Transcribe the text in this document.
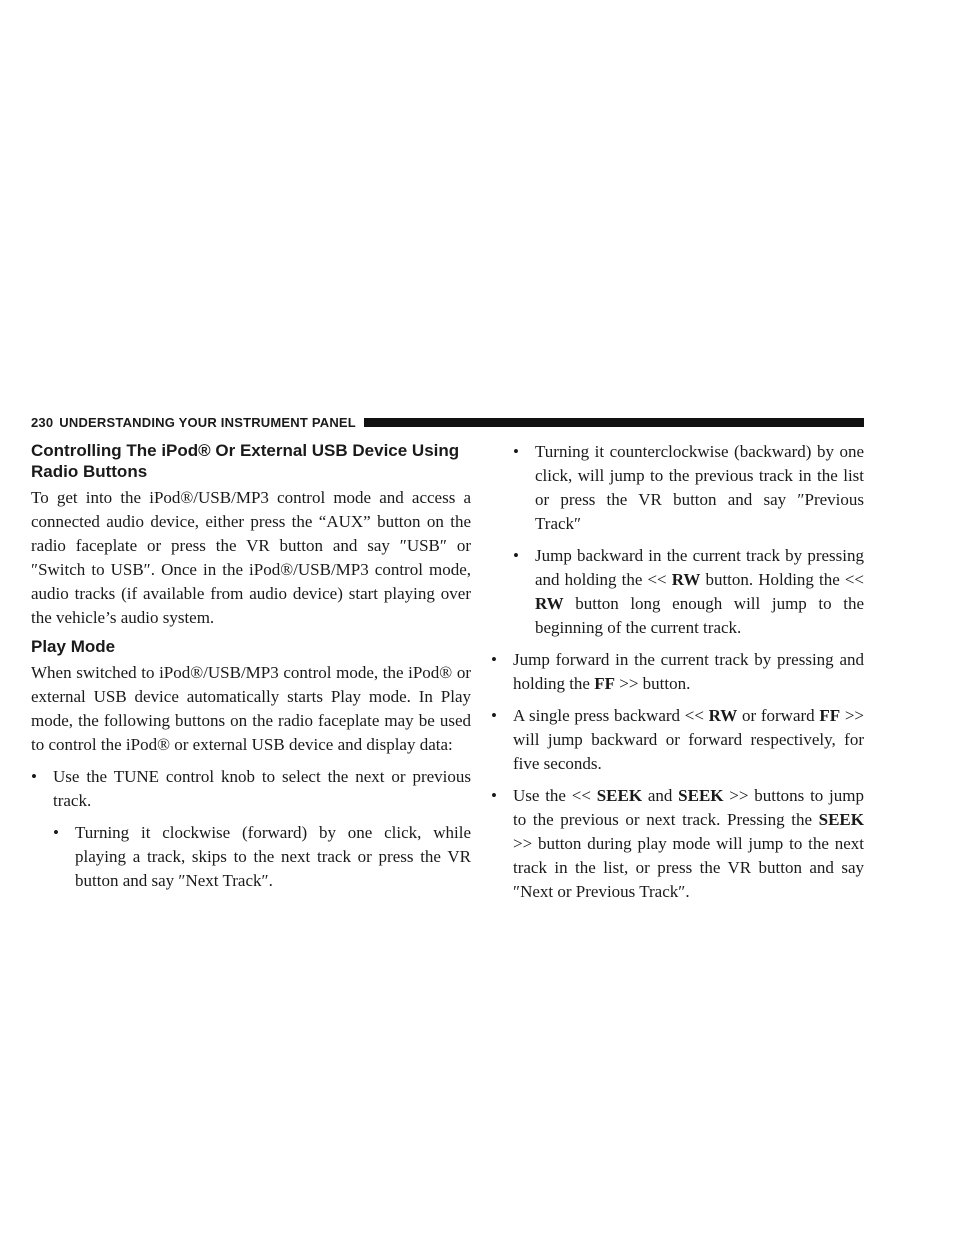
230 UNDERSTANDING YOUR INSTRUMENT PANEL
Controlling The iPod® Or External USB Device Using Radio Buttons

To get into the iPod®/USB/MP3 control mode and access a connected audio device, either press the “AUX” button on the radio faceplate or press the VR button and say ″USB″ or ″Switch to USB″. Once in the iPod®/USB/MP3 control mode, audio tracks (if available from audio device) start playing over the vehicle’s audio system.

Play Mode

When switched to iPod®/USB/MP3 control mode, the iPod® or external USB device automatically starts Play mode. In Play mode, the following buttons on the radio faceplate may be used to control the iPod® or external USB device and display data:

• Use the TUNE control knob to select the next or previous track.
• Turning it clockwise (forward) by one click, while playing a track, skips to the next track or press the VR button and say ″Next Track″.
• Turning it counterclockwise (backward) by one click, will jump to the previous track in the list or press the VR button and say ″Previous Track″
• Jump backward in the current track by pressing and holding the << RW button. Holding the << RW button long enough will jump to the beginning of the current track.
• Jump forward in the current track by pressing and holding the FF >> button.
• A single press backward << RW or forward FF >> will jump backward or forward respectively, for five seconds.
• Use the << SEEK and SEEK >> buttons to jump to the previous or next track. Pressing the SEEK >> button during play mode will jump to the next track in the list, or press the VR button and say ″Next or Previous Track″.
